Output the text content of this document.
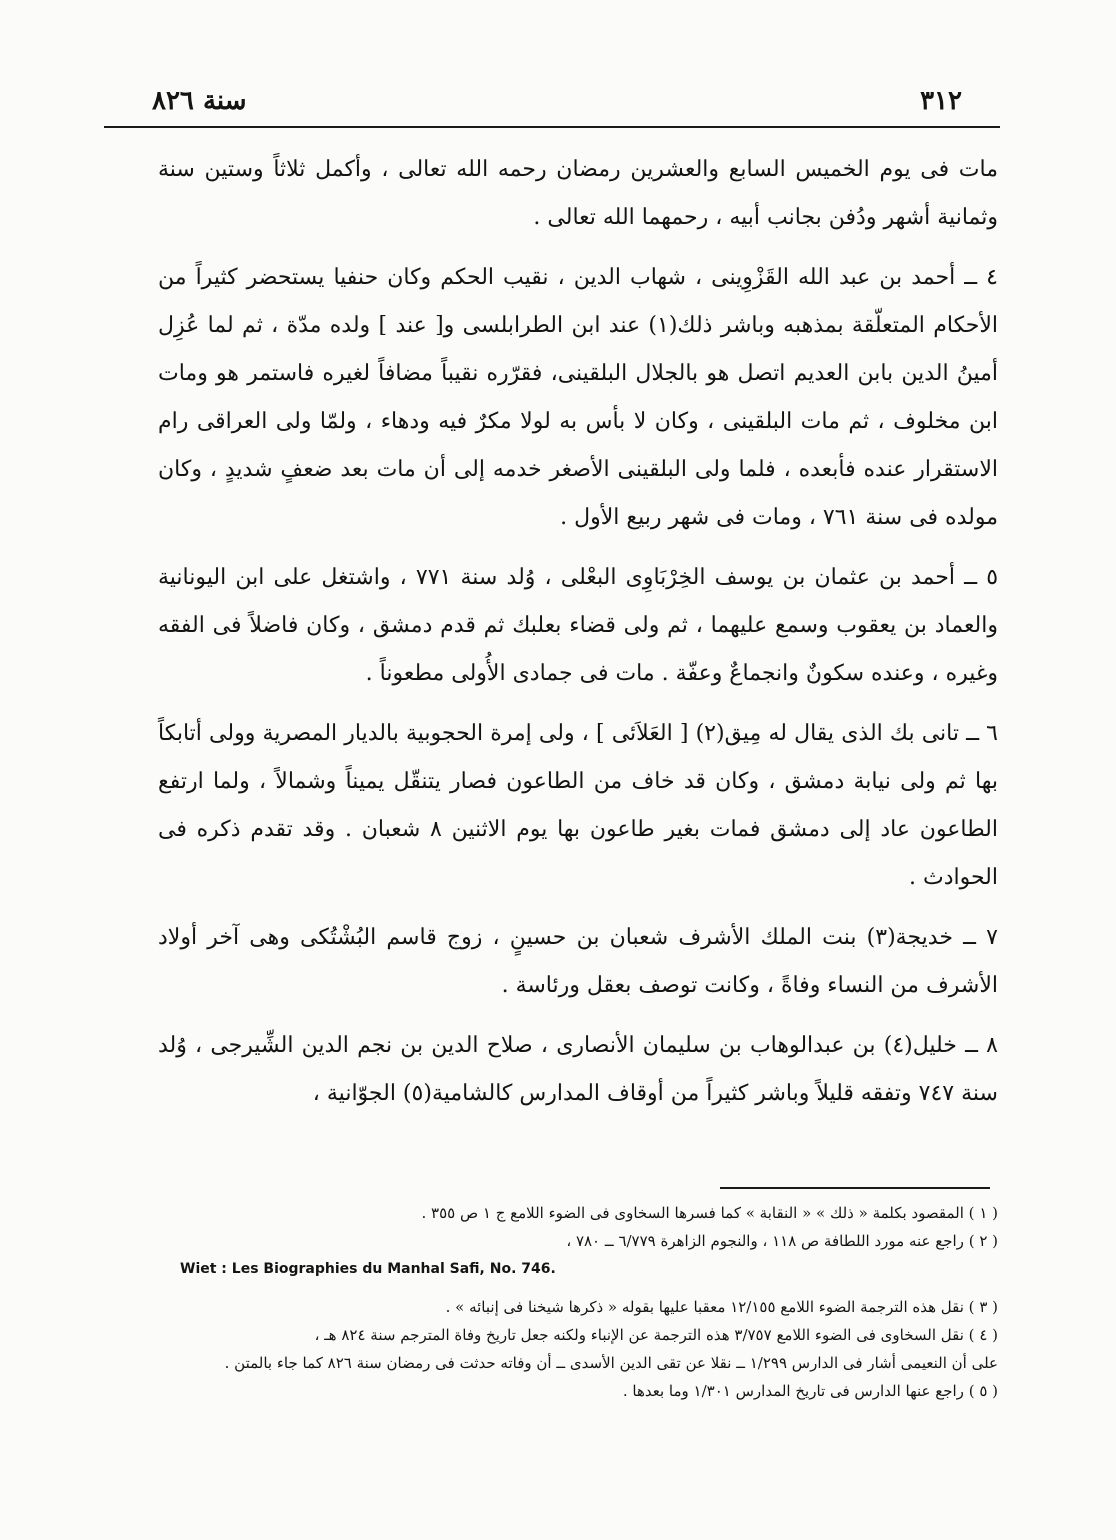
٣١٢
سنة ٨٢٦

مات فى يوم الخميس السابع والعشرين رمضان رحمه الله تعالى ، وأكمل ثلاثاً وستين سنة وثمانية أشهر ودُفن بجانب أبيه ، رحمهما الله تعالى .

٤ ــ أحمد بن عبد الله القَزْوِينى ، شهاب الدين ، نقيب الحكم وكان حنفيا يستحضر كثيراً من الأحكام المتعلّقة بمذهبه وباشر ذلك(١) عند ابن الطرابلسى و[ عند ] ولده مدّة ، ثم لما عُزِل أمينُ الدين بابن العديم اتصل هو بالجلال البلقينى، فقرّره نقيباً مضافاً لغيره فاستمر هو ومات ابن مخلوف ، ثم مات البلقينى ، وكان لا بأس به لولا مكرٌ فيه ودهاء ، ولمّا ولى العراقى رام الاستقرار عنده فأبعده ، فلما ولى البلقينى الأصغر خدمه إلى أن مات بعد ضعفٍ شديدٍ ، وكان مولده فى سنة ٧٦١ ، ومات فى شهر ربيع الأول .

٥ ــ أحمد بن عثمان بن يوسف الخِرْبَاوِى البعْلى ، وُلد سنة ٧٧١ ، واشتغل على ابن اليونانية والعماد بن يعقوب وسمع عليهما ، ثم ولى قضاء بعلبك ثم قدم دمشق ، وكان فاضلاً فى الفقه وغيره ، وعنده سكونٌ وانجماعٌ وعفّة . مات فى جمادى الأُولى مطعوناً .

٦ ــ تانى بك الذى يقال له مِيق(٢) [ العَلاَئى ] ، ولى إمرة الحجوبية بالديار المصرية وولى أتابكاً بها ثم ولى نيابة دمشق ، وكان قد خاف من الطاعون فصار يتنقّل يميناً وشمالاً ، ولما ارتفع الطاعون عاد إلى دمشق فمات بغير طاعون بها يوم الاثنين ٨ شعبان . وقد تقدم ذكره فى الحوادث .

٧ ــ خديجة(٣) بنت الملك الأشرف شعبان بن حسينٍ ، زوج قاسم البُشْتُكى وهى آخر أولاد الأشرف من النساء وفاةً ، وكانت توصف بعقل ورئاسة .

٨ ــ خليل(٤) بن عبدالوهاب بن سليمان الأنصارى ، صلاح الدين بن نجم الدين الشِّيرجى ، وُلد سنة ٧٤٧ وتفقه قليلاً وباشر كثيراً من أوقاف المدارس كالشامية(٥) الجوّانية ،

( ١ ) المقصود بكلمة « ذلك » « النقابة » كما فسرها السخاوى فى الضوء اللامع ج ١ ص ٣٥٥ .
( ٢ ) راجع عنه مورد اللطافة ص ١١٨ ، والنجوم الزاهرة ٦/٧٧٩ ــ ٧٨٠ ،
Wiet : Les Biographies du Manhal Safi, No. 746.
( ٣ ) نقل هذه الترجمة الضوء اللامع ١٢/١٥٥ معقبا عليها بقوله « ذكرها شيخنا فى إنبائه » .
( ٤ ) نقل السخاوى فى الضوء اللامع ٣/٧٥٧ هذه الترجمة عن الإنباء ولكنه جعل تاريخ وفاة المترجم سنة ٨٢٤ هـ ،
على أن النعيمى أشار فى الدارس ١/٢٩٩ ــ نقلا عن تقى الدين الأسدى ــ أن وفاته حدثت فى رمضان سنة ٨٢٦ كما جاء بالمتن .
( ٥ ) راجع عنها الدارس فى تاريخ المدارس ١/٣٠١ وما بعدها .
